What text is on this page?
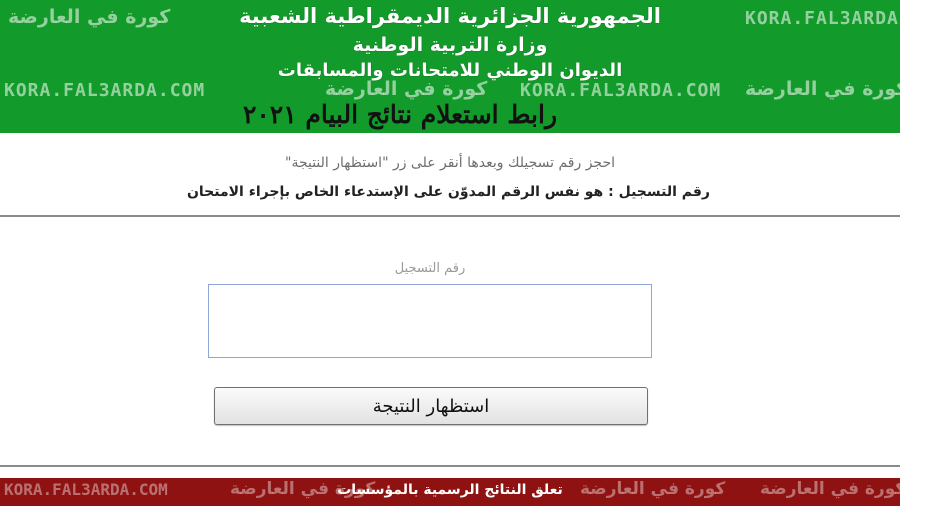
كورة في العارضة	KORA.FAL3ARDA.COM
KORA.FAL3ARDA.COM	كورة في العارضة KORA.FAL3ARDA.COM كورة في العارضة
الجمهورية الجزائرية الديمقراطية الشعبية
وزارة التربية الوطنية
الديوان الوطني للامتحانات والمسابقات
رابط استعلام نتائج البيام ٢٠٢١
احجز رقم تسجيلك وبعدها أنقر على زر "استظهار النتيجة"
رقم التسجيل : هو نفس الرقم المدوّن على الإستدعاء الخاص بإجراء الامتحان
رقم التسجيل
استظهار النتيجة
KORA.FAL3ARDA.COM	كورة في العارضة	كورة في العارضة كورة في العارضة
تعلق النتائج الرسمية بالمؤسسات
